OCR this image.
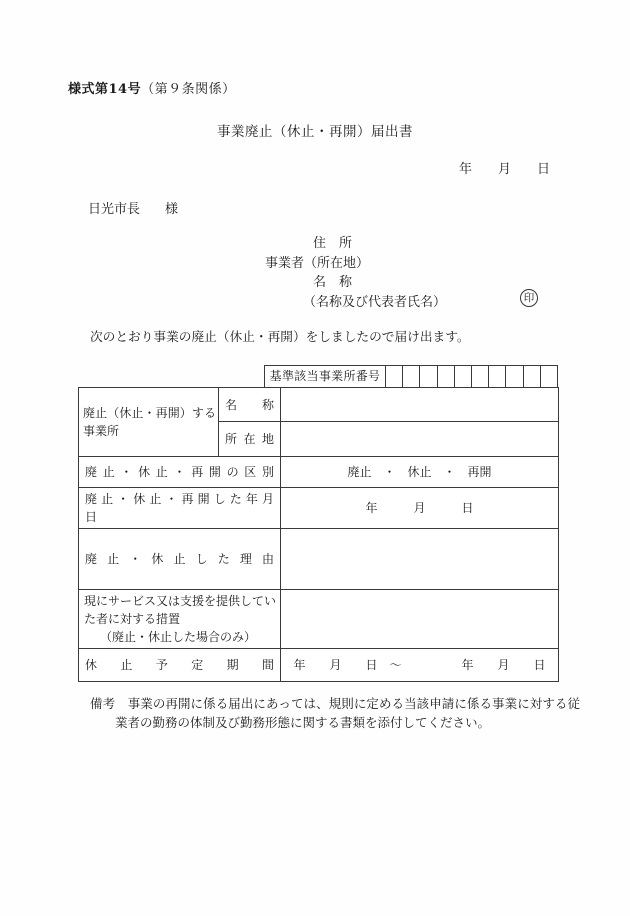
様式第14号（第９条関係）
事業廃止（休止・再開）届出書
年　　月　　日
日光市長 様
住　所
事業者（所在地）
名　称
（名称及び代表者氏名）	印
次のとおり事業の廃止（休止・再開）をしましたので届け出ます。
基準該当事業所番号
廃止（休止・再開）する事業所	名 称	
	所 在 地	
廃 止 ・ 休 止 ・ 再 開 の 区 別		廃止　・　休止　・　再開
廃 止 ・ 休 止 ・ 再 開 し た 年 月 日		年　　　月　　　日
廃 止 ・ 休 止 し た 理 由		
現にサービス又は支援を提供していた者に対する措置
（廃止・休止した場合のみ）		

休 止 予 定 期 間		年　　月　　日　～　　　　　年　　月　　日
備考　 事業の再開に係る届出にあっては、規則に定める当該申請に係る事業に対する従業者の勤務の体制及び勤務形態に関する書類を添付してください。
